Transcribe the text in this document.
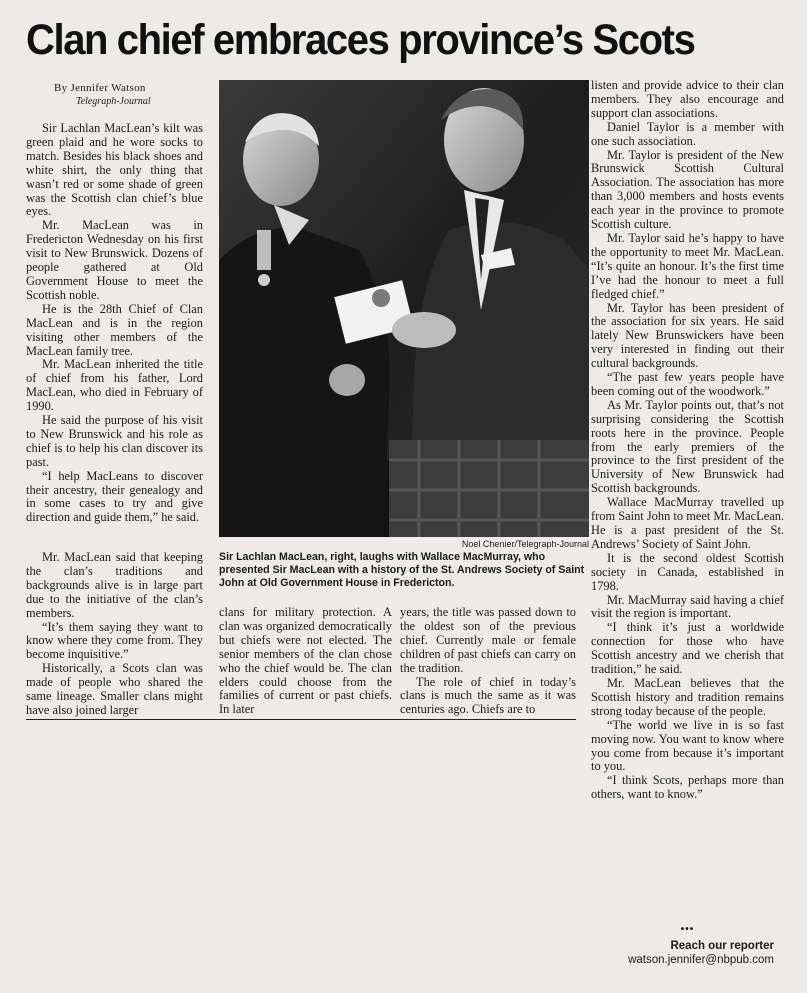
Clan chief embraces province’s Scots
By Jennifer Watson
Telegraph-Journal

Sir Lachlan MacLean’s kilt was green plaid and he wore socks to match. Besides his black shoes and white shirt, the only thing that wasn’t red or some shade of green was the Scottish clan chief’s blue eyes.

Mr. MacLean was in Fredericton Wednesday on his first visit to New Brunswick. Dozens of people gathered at Old Government House to meet the Scottish noble.

He is the 28th Chief of Clan MacLean and is in the region visiting other members of the MacLean family tree.

Mr. MacLean inherited the title of chief from his father, Lord MacLean, who died in February of 1990.

He said the purpose of his visit to New Brunswick and his role as chief is to help his clan discover its past.

“I help MacLeans to discover their ancestry, their genealogy and in some cases to try and give direction and guide them,” he said.

Noel Chenier/Telegraph-Journal
Sir Lachlan MacLean, right, laughs with Wallace MacMurray, who presented Sir MacLean with a history of the St. Andrews Society of Saint John at Old Government House in Fredericton.

Mr. MacLean said that keeping the clan’s traditions and backgrounds alive is in large part due to the initiative of the clan’s members.

“It’s them saying they want to know where they come from. They become inquisitive.”

Historically, a Scots clan was made of people who shared the same lineage. Smaller clans might have also joined larger

clans for military protection. A clan was organized democratically but chiefs were not elected. The senior members of the clan chose who the chief would be. The clan elders could choose from the families of current or past chiefs. In later

years, the title was passed down to the oldest son of the previous chief. Currently male or female children of past chiefs can carry on the tradition.

The role of chief in today’s clans is much the same as it was centuries ago. Chiefs are to

listen and provide advice to their clan members. They also encourage and support clan associations.

Daniel Taylor is a member with one such association.

Mr. Taylor is president of the New Brunswick Scottish Cultural Association. The association has more than 3,000 members and hosts events each year in the province to promote Scottish culture.

Mr. Taylor said he’s happy to have the opportunity to meet Mr. MacLean. “It’s quite an honour. It’s the first time I’ve had the honour to meet a full fledged chief.”

Mr. Taylor has been president of the association for six years. He said lately New Brunswickers have been very interested in finding out their cultural backgrounds.

“The past few years people have been coming out of the woodwork.”

As Mr. Taylor points out, that’s not surprising considering the Scottish roots here in the province. People from the early premiers of the province to the first president of the University of New Brunswick had Scottish backgrounds.

Wallace MacMurray travelled up from Saint John to meet Mr. MacLean. He is a past president of the St. Andrews’ Society of Saint John.

It is the second oldest Scottish society in Canada, established in 1798.

Mr. MacMurray said having a chief visit the region is important.

“I think it’s just a worldwide connection for those who have Scottish ancestry and we cherish that tradition,” he said.

Mr. MacLean believes that the Scottish history and tradition remains strong today because of the people.

“The world we live in is so fast moving now. You want to know where you come from because it’s important to you.

“I think Scots, perhaps more than others, want to know.”

•••
Reach our reporter
watson.jennifer@nbpub.com
